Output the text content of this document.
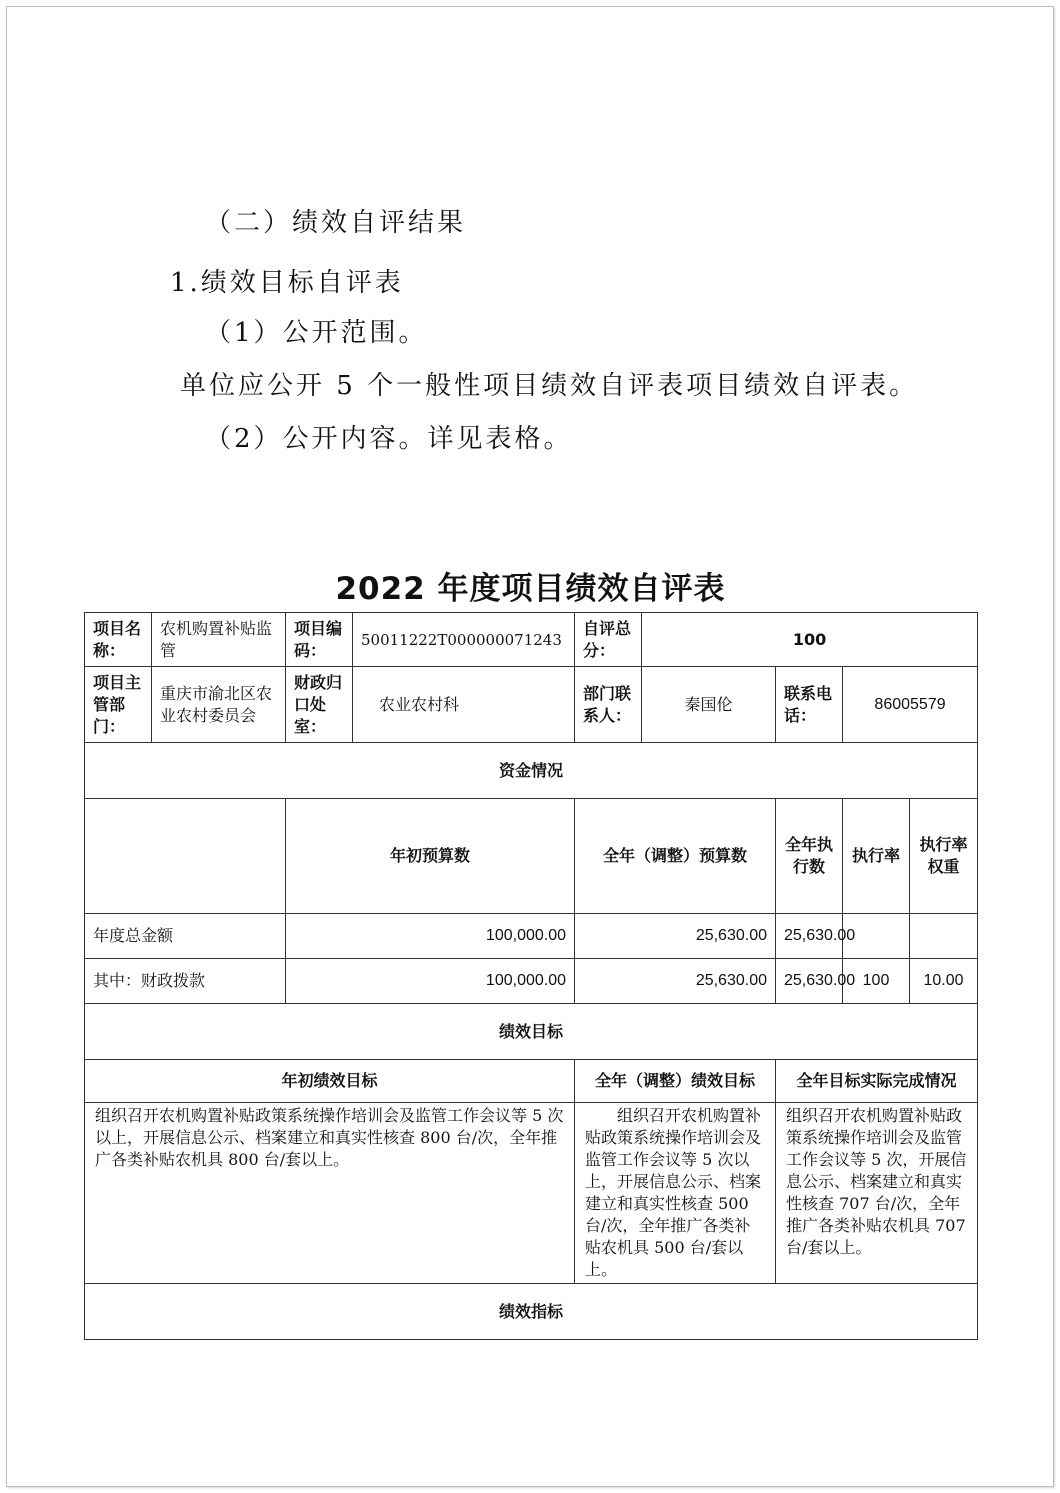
（二）绩效自评结果
1.绩效目标自评表
（1）公开范围。
单位应公开 5 个一般性项目绩效自评表项目绩效自评表。
（2）公开内容。详见表格。
2022 年度项目绩效自评表
项目名称：	农机购置补贴监管	项目编码：	50011222T000000071243	自评总分：	100				
项目主管部门：	重庆市渝北区农业农村委员会	财政归口处室：	农业农村科	部门联系人：	秦国伦	联系电话：	86005579		
资金情况									
		年初预算数		全年（调整）预算数		全年执行数	执行率	执行率权重	
年度总金额		100,000.00		25,630.00		25,630.00			
其中：财政拨款		100,000.00		25,630.00		25,630.00	100	10.00	
绩效目标									
年初绩效目标				全年（调整）绩效目标		全年目标实际完成情况			
组织召开农机购置补贴政策系统操作培训会及监管工作会议等 5 次以上，开展信息公示、档案建立和真实性核查 800 台/次，全年推广各类补贴农机具 800 台/套以上。				组织召开农机购置补贴政策系统操作培训会及监管工作会议等 5 次以上，开展信息公示、档案建立和真实性核查 500 台/次，全年推广各类补贴农机具 500 台/套以上。		组织召开农机购置补贴政策系统操作培训会及监管工作会议等 5 次，开展信息公示、档案建立和真实性核查 707 台/次，全年推广各类补贴农机具 707 台/套以上。			
绩效指标									
